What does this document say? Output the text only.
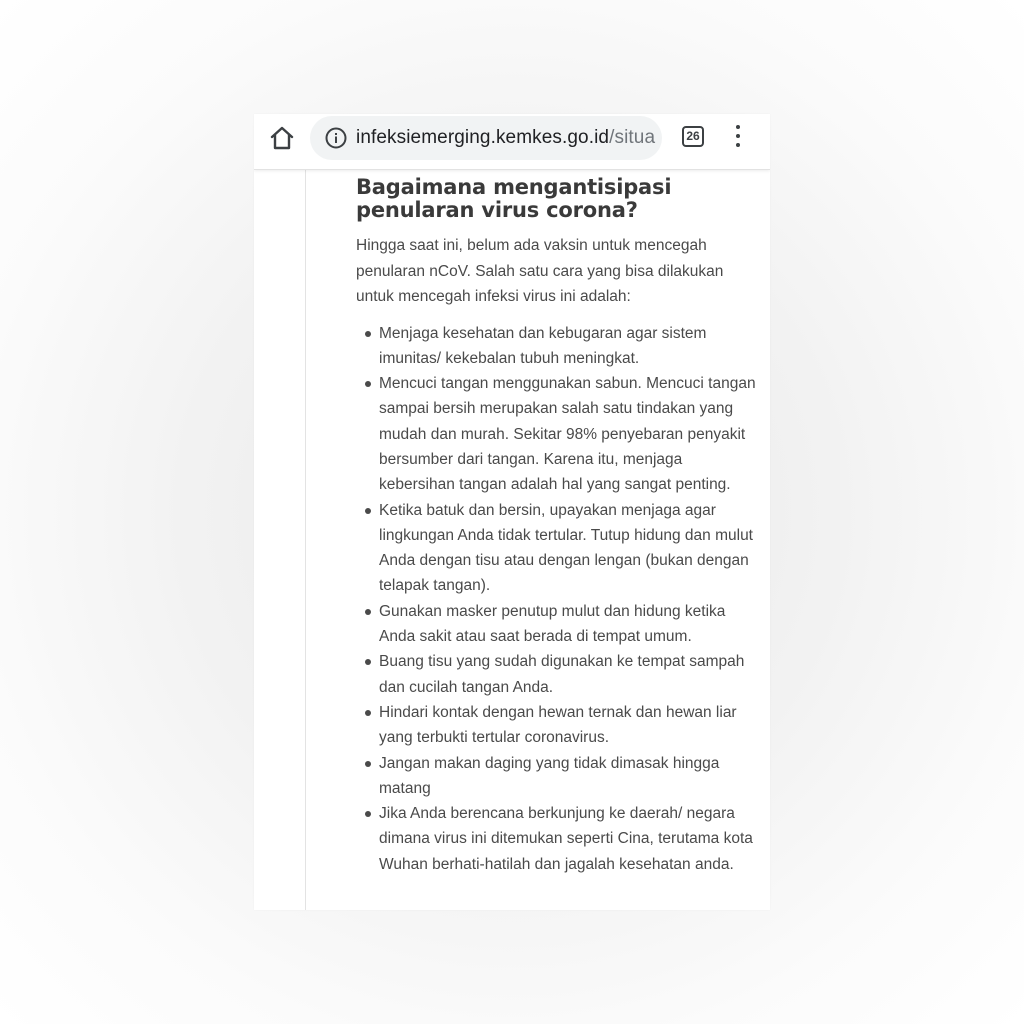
infeksiemerging.kemkes.go.id/situa	26
Bagaimana mengantisipasi penularan virus corona?

Hingga saat ini, belum ada vaksin untuk mencegah penularan nCoV. Salah satu cara yang bisa dilakukan untuk mencegah infeksi virus ini adalah:

Menjaga kesehatan dan kebugaran agar sistem imunitas/ kekebalan tubuh meningkat.
Mencuci tangan menggunakan sabun. Mencuci tangan sampai bersih merupakan salah satu tindakan yang mudah dan murah. Sekitar 98% penyebaran penyakit bersumber dari tangan. Karena itu, menjaga kebersihan tangan adalah hal yang sangat penting.
Ketika batuk dan bersin, upayakan menjaga agar lingkungan Anda tidak tertular. Tutup hidung dan mulut Anda dengan tisu atau dengan lengan (bukan dengan telapak tangan).
Gunakan masker penutup mulut dan hidung ketika Anda sakit atau saat berada di tempat umum.
Buang tisu yang sudah digunakan ke tempat sampah dan cucilah tangan Anda.
Hindari kontak dengan hewan ternak dan hewan liar yang terbukti tertular coronavirus.
Jangan makan daging yang tidak dimasak hingga matang
Jika Anda berencana berkunjung ke daerah/ negara dimana virus ini ditemukan seperti Cina, terutama kota Wuhan berhati-hatilah dan jagalah kesehatan anda.
